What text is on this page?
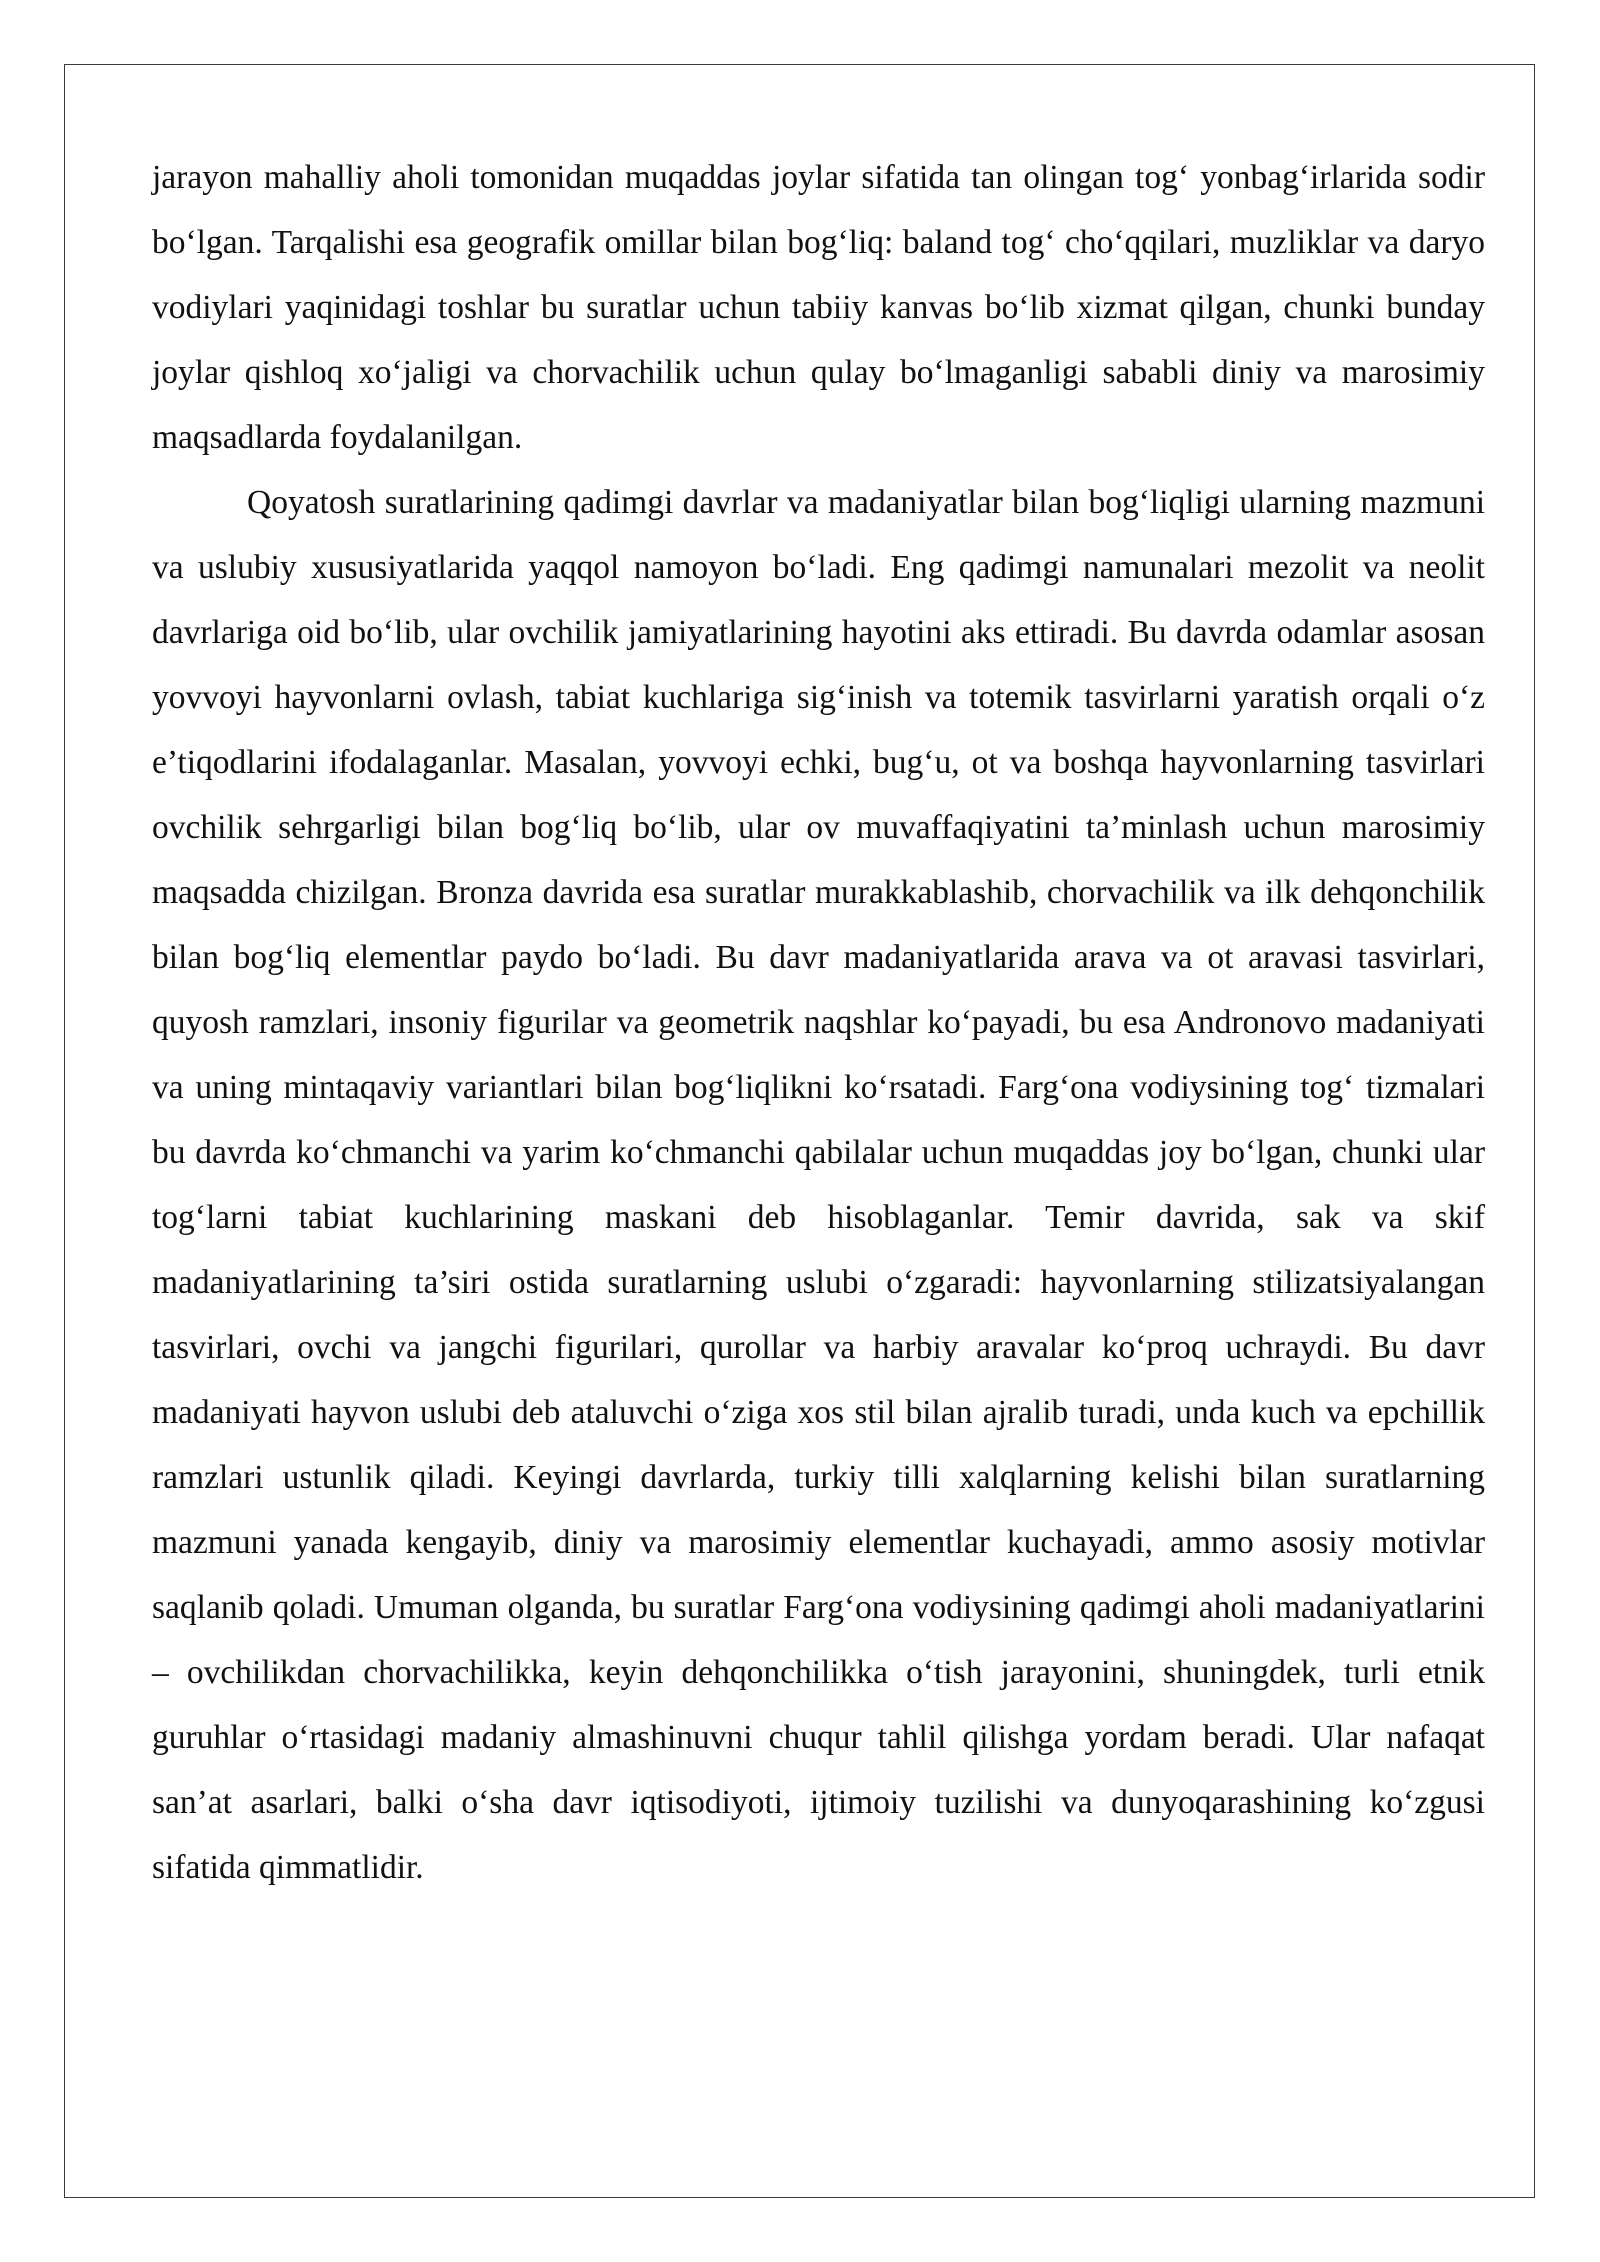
jarayon mahalliy aholi tomonidan muqaddas joylar sifatida tan olingan tog‘ yonbag‘irlarida sodir bo‘lgan. Tarqalishi esa geografik omillar bilan bog‘liq: baland tog‘ cho‘qqilari, muzliklar va daryo vodiylari yaqinidagi toshlar bu suratlar uchun tabiiy kanvas bo‘lib xizmat qilgan, chunki bunday joylar qishloq xo‘jaligi va chorvachilik uchun qulay bo‘lmaganligi sababli diniy va marosimiy maqsadlarda foydalanilgan.

Qoyatosh suratlarining qadimgi davrlar va madaniyatlar bilan bog‘liqligi ularning mazmuni va uslubiy xususiyatlarida yaqqol namoyon bo‘ladi. Eng qadimgi namunalari mezolit va neolit davrlariga oid bo‘lib, ular ovchilik jamiyatlarining hayotini aks ettiradi. Bu davrda odamlar asosan yovvoyi hayvonlarni ovlash, tabiat kuchlariga sig‘inish va totemik tasvirlarni yaratish orqali o‘z e’tiqodlarini ifodalaganlar. Masalan, yovvoyi echki, bug‘u, ot va boshqa hayvonlarning tasvirlari ovchilik sehrgarligi bilan bog‘liq bo‘lib, ular ov muvaffaqiyatini ta’minlash uchun marosimiy maqsadda chizilgan. Bronza davrida esa suratlar murakkablashib, chorvachilik va ilk dehqonchilik bilan bog‘liq elementlar paydo bo‘ladi. Bu davr madaniyatlarida arava va ot aravasi tasvirlari, quyosh ramzlari, insoniy figurilar va geometrik naqshlar ko‘payadi, bu esa Andronovo madaniyati va uning mintaqaviy variantlari bilan bog‘liqlikni ko‘rsatadi. Farg‘ona vodiysining tog‘ tizmalari bu davrda ko‘chmanchi va yarim ko‘chmanchi qabilalar uchun muqaddas joy bo‘lgan, chunki ular tog‘larni tabiat kuchlarining maskani deb hisoblaganlar. Temir davrida, sak va skif madaniyatlarining ta’siri ostida suratlarning uslubi o‘zgaradi: hayvonlarning stilizatsiyalangan tasvirlari, ovchi va jangchi figurilari, qurollar va harbiy aravalar ko‘proq uchraydi. Bu davr madaniyati hayvon uslubi deb ataluvchi o‘ziga xos stil bilan ajralib turadi, unda kuch va epchillik ramzlari ustunlik qiladi. Keyingi davrlarda, turkiy tilli xalqlarning kelishi bilan suratlarning mazmuni yanada kengayib, diniy va marosimiy elementlar kuchayadi, ammo asosiy motivlar saqlanib qoladi. Umuman olganda, bu suratlar Farg‘ona vodiysining qadimgi aholi madaniyatlarini – ovchilikdan chorvachilikka, keyin dehqonchilikka o‘tish jarayonini, shuningdek, turli etnik guruhlar o‘rtasidagi madaniy almashinuvni chuqur tahlil qilishga yordam beradi. Ular nafaqat san’at asarlari, balki o‘sha davr iqtisodiyoti, ijtimoiy tuzilishi va dunyoqarashining ko‘zgusi sifatida qimmatlidir.
